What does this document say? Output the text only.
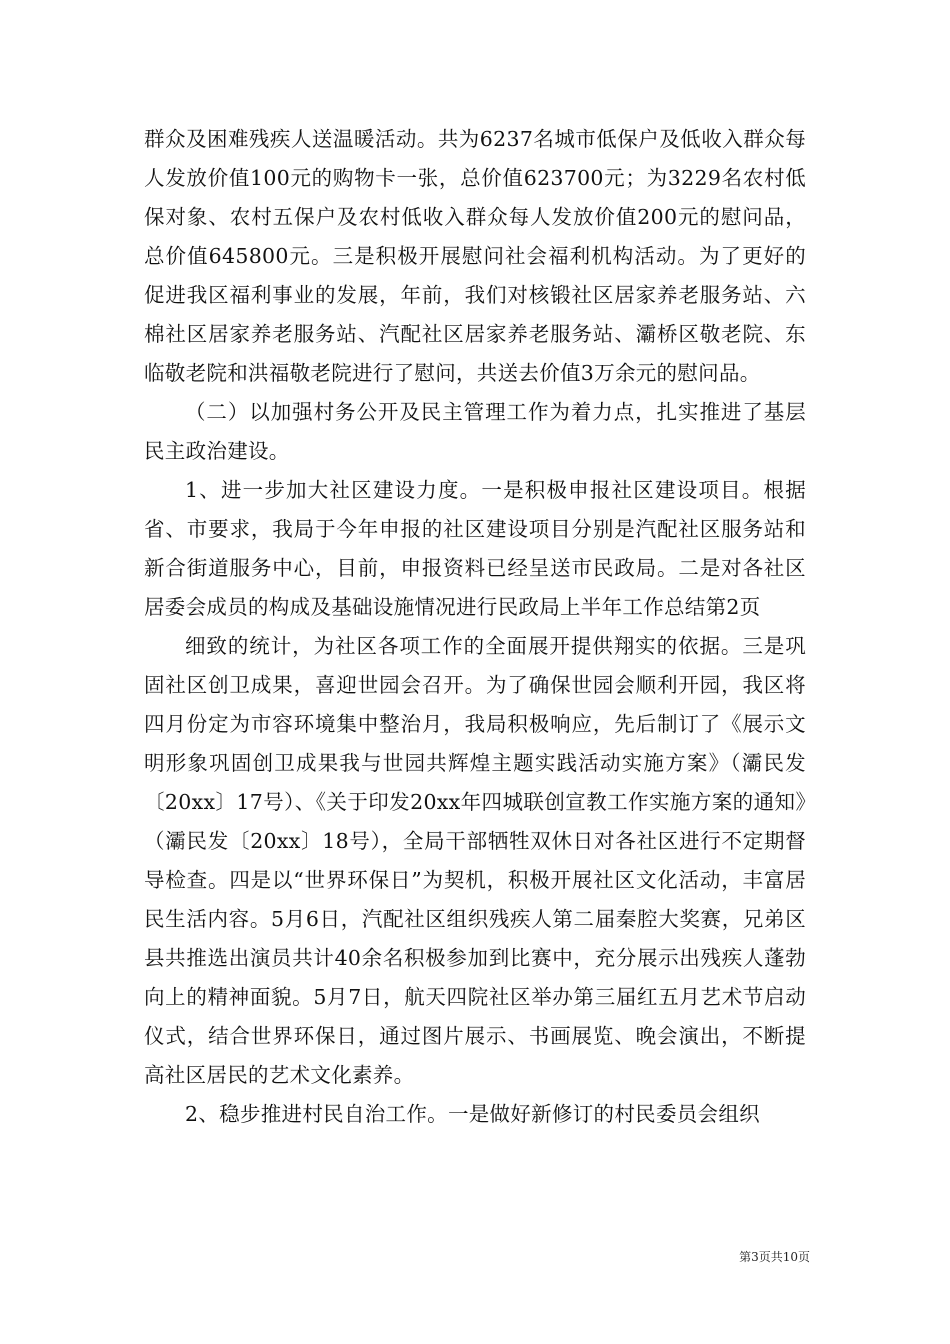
群众及困难残疾人送温暖活动。共为6237名城市低保户及低收入群众每人发放价值100元的购物卡一张，总价值623700元；为3229名农村低保对象、农村五保户及农村低收入群众每人发放价值200元的慰问品，总价值645800元。三是积极开展慰问社会福利机构活动。为了更好的促进我区福利事业的发展，年前，我们对核锻社区居家养老服务站、六棉社区居家养老服务站、汽配社区居家养老服务站、灞桥区敬老院、东临敬老院和洪福敬老院进行了慰问，共送去价值3万余元的慰问品。

（二）以加强村务公开及民主管理工作为着力点，扎实推进了基层民主政治建设。

1、进一步加大社区建设力度。一是积极申报社区建设项目。根据省、市要求，我局于今年申报的社区建设项目分别是汽配社区服务站和新合街道服务中心，目前，申报资料已经呈送市民政局。二是对各社区居委会成员的构成及基础设施情况进行民政局上半年工作总结第2页

细致的统计，为社区各项工作的全面展开提供翔实的依据。三是巩固社区创卫成果，喜迎世园会召开。为了确保世园会顺利开园，我区将四月份定为市容环境集中整治月，我局积极响应，先后制订了《展示文明形象巩固创卫成果我与世园共辉煌主题实践活动实施方案》（灞民发〔20xx〕17号）、《关于印发20xx年四城联创宣教工作实施方案的通知》（灞民发〔20xx〕18号），全局干部牺牲双休日对各社区进行不定期督导检查。四是以“世界环保日”为契机，积极开展社区文化活动，丰富居民生活内容。5月6日，汽配社区组织残疾人第二届秦腔大奖赛，兄弟区县共推选出演员共计40余名积极参加到比赛中，充分展示出残疾人蓬勃向上的精神面貌。5月7日，航天四院社区举办第三届红五月艺术节启动仪式，结合世界环保日，通过图片展示、书画展览、晚会演出，不断提高社区居民的艺术文化素养。

2、稳步推进村民自治工作。一是做好新修订的村民委员会组织

第3页共10页
